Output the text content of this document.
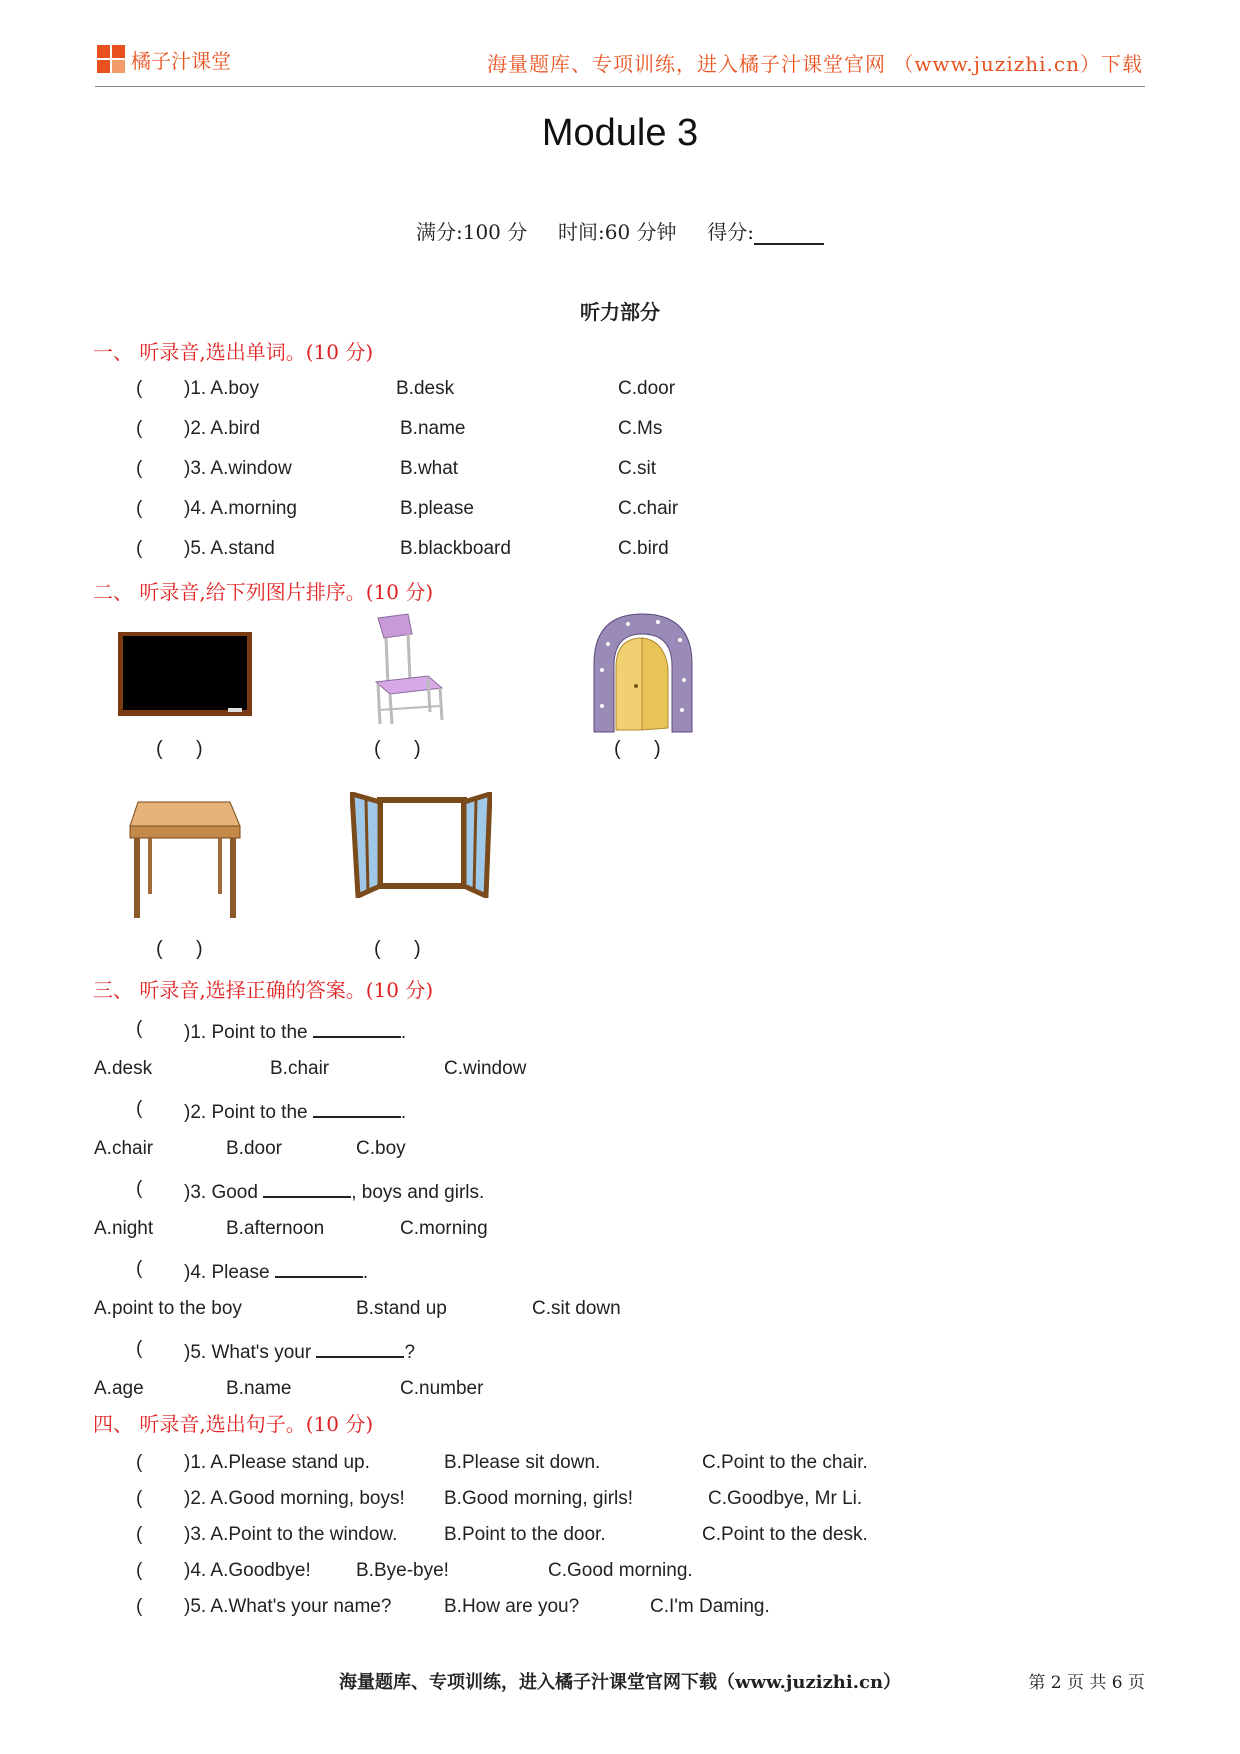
橘子汁课堂	海量题库、专项训练，进入橘子汁课堂官网 （www.juzizhi.cn）下载
Module 3
满分:100 分 时间:60 分钟 得分:
听力部分
一、 听录音,选出单词。(10 分)
( )1. A.boy	B.desk	C.door
( )2. A.bird	B.name	C.Ms
( )3. A.window	B.what	C.sit
( )4. A.morning	B.please	C.chair
( )5. A.stand	B.blackboard	C.bird
二、 听录音,给下列图片排序。(10 分)
(      )	(      )	(      )
(      )	(      )
三、 听录音,选择正确的答案。(10 分)
( )1. Point to the	.
A.desk	B.chair	C.window
( )2. Point to the	.
A.chair	B.door	C.boy
( )3. Good	, boys and girls.
A.night	B.afternoon	C.morning
( )4. Please	.
A.point to the boy	B.stand up	C.sit down
( )5. What's your	?
A.age	B.name	C.number
四、 听录音,选出句子。(10 分)
( )1. A.Please stand up.	B.Please sit down.	C.Point to the chair.
( )2. A.Good morning, boys! B.Good morning, girls!	C.Goodbye, Mr Li.
( )3. A.Point to the window. B.Point to the door.	C.Point to the desk.
( )4. A.Goodbye! B.Bye-bye!	C.Good morning.
( )5. A.What's your name?	B.How are you?	C.I'm Daming.
海量题库、专项训练，进入橘子汁课堂官网下载（www.juzizhi.cn）	第 2 页 共 6 页
